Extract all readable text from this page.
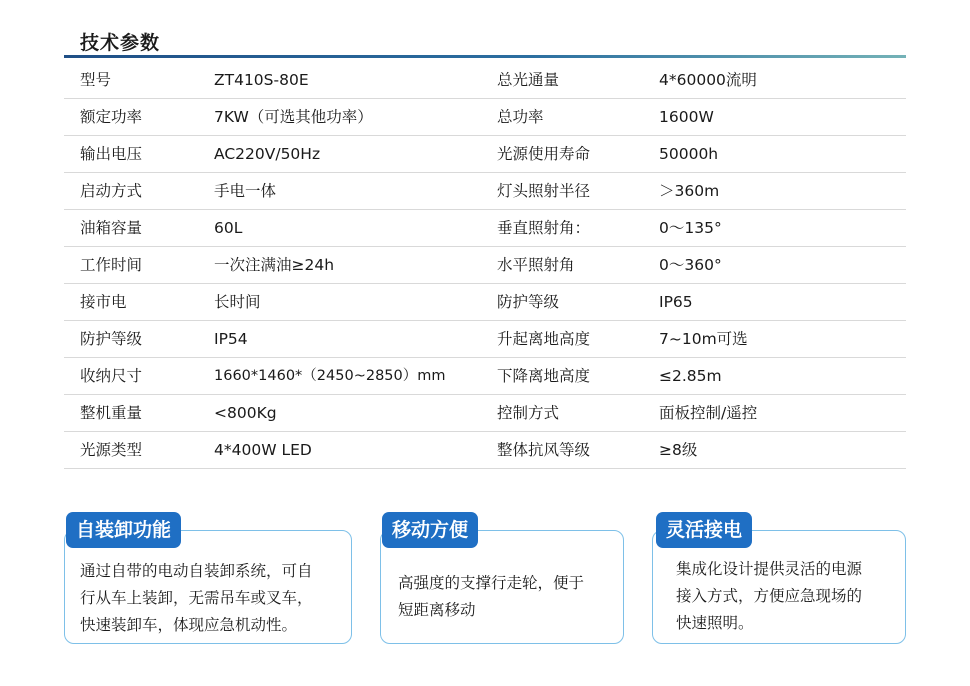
技术参数
型号	ZT410S-80E	总光通量	4*60000流明
额定功率	7KW（可选其他功率）	总功率	1600W
输出电压	AC220V/50Hz	光源使用寿命	50000h
启动方式	手电一体	灯头照射半径	＞360m
油箱容量	60L	垂直照射角：	0～135°
工作时间	一次注满油≥24h	水平照射角	0～360°
接市电	长时间	防护等级	IP65
防护等级	IP54	升起离地高度	7~10m可选
收纳尺寸	1660*1460*（2450~2850）mm	下降离地高度	≤2.85m
整机重量	<800Kg	控制方式	面板控制/遥控
光源类型	4*400W LED	整体抗风等级	≥8级
自装卸功能
通过自带的电动自装卸系统，可自
行从车上装卸，无需吊车或叉车，
快速装卸车，体现应急机动性。
移动方便
高强度的支撑行走轮，便于
短距离移动
灵活接电
集成化设计提供灵活的电源
接入方式，方便应急现场的
快速照明。
